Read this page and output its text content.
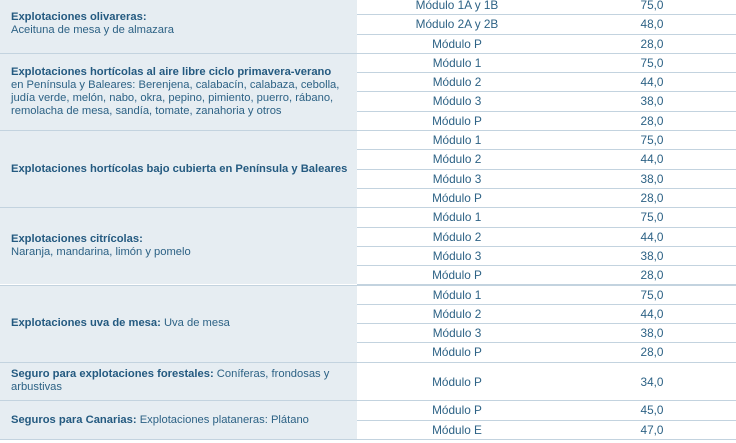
Explotaciones olivareras:
Aceituna de mesa y de almazara
Módulo 1A y 1B	75,0
Módulo 2A y 2B	48,0
Módulo P	28,0
Explotaciones hortícolas al aire libre ciclo primavera-verano
en Península y Baleares: Berenjena, calabacín, calabaza, cebolla, judía verde, melón, nabo, okra, pepino, pimiento, puerro, rábano, remolacha de mesa, sandía, tomate, zanahoria y otros
Módulo 1	75,0
Módulo 2	44,0
Módulo 3	38,0
Módulo P	28,0
Explotaciones hortícolas bajo cubierta en Península y Baleares
Módulo 1	75,0
Módulo 2	44,0
Módulo 3	38,0
Módulo P	28,0
Explotaciones citrícolas:
Naranja, mandarina, limón y pomelo
Módulo 1	75,0
Módulo 2	44,0
Módulo 3	38,0
Módulo P	28,0
Explotaciones uva de mesa: Uva de mesa
Módulo 1	75,0
Módulo 2	44,0
Módulo 3	38,0
Módulo P	28,0
Seguro para explotaciones forestales: Coníferas, frondosas y arbustivas	Módulo P	34,0
Seguros para Canarias: Explotaciones plataneras: Plátano
Módulo P	45,0
Módulo E	47,0
